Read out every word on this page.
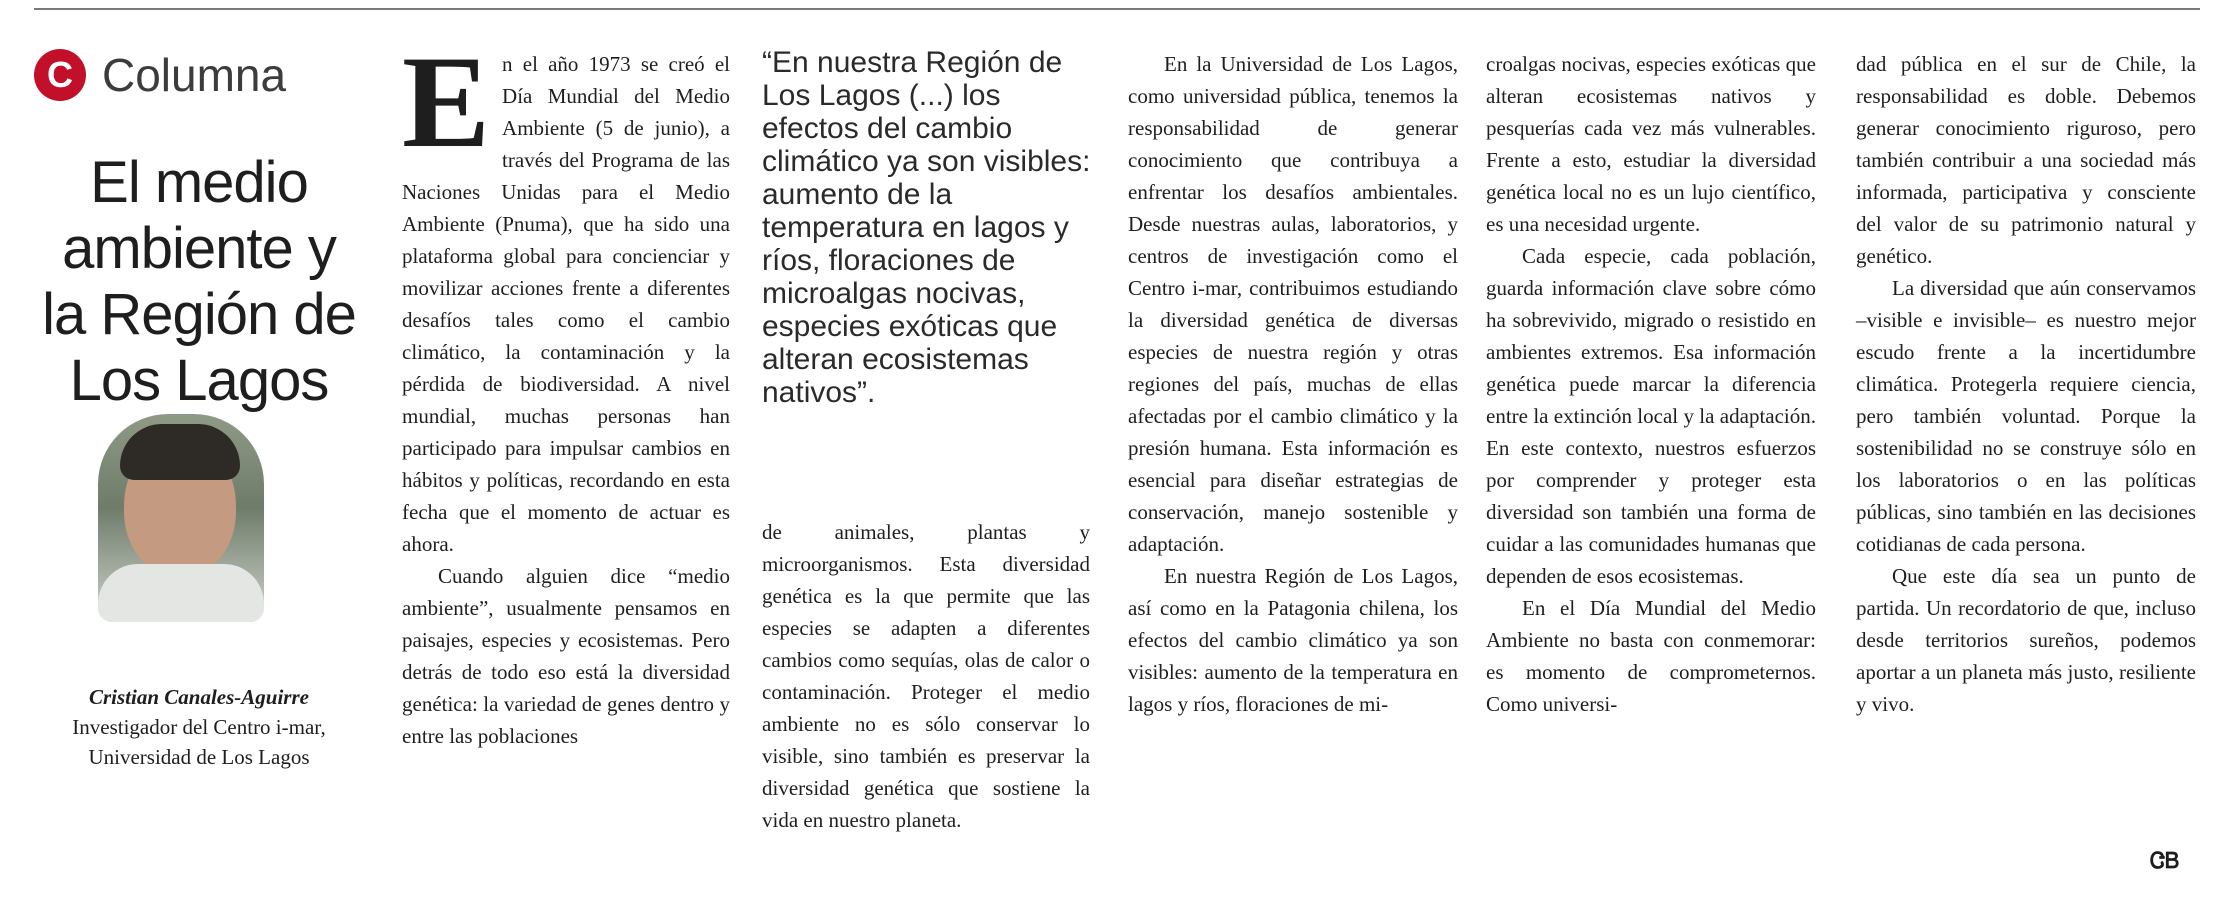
C Columna
El medio ambiente y la Región de Los Lagos
Cristian Canales-Aguirre
Investigador del Centro i-mar, Universidad de Los Lagos

En el año 1973 se creó el Día Mundial del Medio Ambiente (5 de junio), a través del Programa de las Naciones Unidas para el Medio Ambiente (Pnuma), que ha sido una plataforma global para concienciar y movilizar acciones frente a diferentes desafíos tales como el cambio climático, la contaminación y la pérdida de biodiversidad. A nivel mundial, muchas personas han participado para impulsar cambios en hábitos y políticas, recordando en esta fecha que el momento de actuar es ahora.

Cuando alguien dice “medio ambiente”, usualmente pensamos en paisajes, especies y ecosistemas. Pero detrás de todo eso está la diversidad genética: la variedad de genes dentro y entre las poblaciones

“En nuestra Región de Los Lagos (...) los efectos del cambio climático ya son visibles: aumento de la temperatura en lagos y ríos, floraciones de microalgas nocivas, especies exóticas que alteran ecosistemas nativos”.

de animales, plantas y microorganismos. Esta diversidad genética es la que permite que las especies se adapten a diferentes cambios como sequías, olas de calor o contaminación. Proteger el medio ambiente no es sólo conservar lo visible, sino también es preservar la diversidad genética que sostiene la vida en nuestro planeta.

En la Universidad de Los Lagos, como universidad pública, tenemos la responsabilidad de generar conocimiento que contribuya a enfrentar los desafíos ambientales. Desde nuestras aulas, laboratorios, y centros de investigación como el Centro i-mar, contribuimos estudiando la diversidad genética de diversas especies de nuestra región y otras regiones del país, muchas de ellas afectadas por el cambio climático y la presión humana. Esta información es esencial para diseñar estrategias de conservación, manejo sostenible y adaptación.

En nuestra Región de Los Lagos, así como en la Patagonia chilena, los efectos del cambio climático ya son visibles: aumento de la temperatura en lagos y ríos, floraciones de mi-

croalgas nocivas, especies exóticas que alteran ecosistemas nativos y pesquerías cada vez más vulnerables. Frente a esto, estudiar la diversidad genética local no es un lujo científico, es una necesidad urgente.

Cada especie, cada población, guarda información clave sobre cómo ha sobrevivido, migrado o resistido en ambientes extremos. Esa información genética puede marcar la diferencia entre la extinción local y la adaptación. En este contexto, nuestros esfuerzos por comprender y proteger esta diversidad son también una forma de cuidar a las comunidades humanas que dependen de esos ecosistemas.

En el Día Mundial del Medio Ambiente no basta con conmemorar: es momento de comprometernos. Como universi-

dad pública en el sur de Chile, la responsabilidad es doble. Debemos generar conocimiento riguroso, pero también contribuir a una sociedad más informada, participativa y consciente del valor de su patrimonio natural y genético.

La diversidad que aún conservamos –visible e invisible– es nuestro mejor escudo frente a la incertidumbre climática. Protegerla requiere ciencia, pero también voluntad. Porque la sostenibilidad no se construye sólo en los laboratorios o en las políticas públicas, sino también en las decisiones cotidianas de cada persona.

Que este día sea un punto de partida. Un recordatorio de que, incluso desde territorios sureños, podemos aportar a un planeta más justo, resiliente y vivo.

ᏣᏴ
